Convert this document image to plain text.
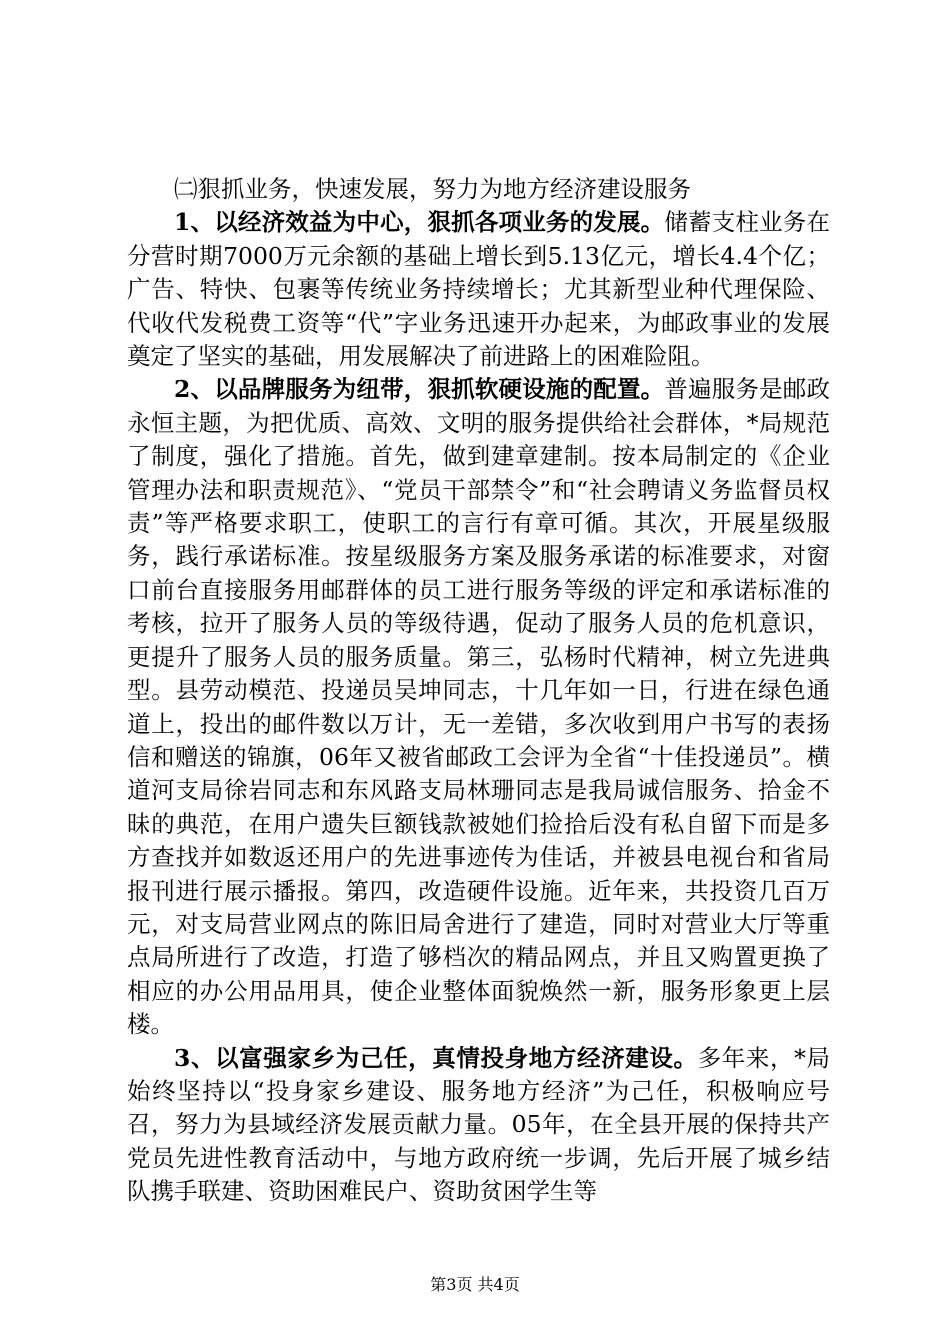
㈡狠抓业务，快速发展，努力为地方经济建设服务

1、以经济效益为中心，狠抓各项业务的发展。储蓄支柱业务在分营时期7000万元余额的基础上增长到5.13亿元，增长4.4个亿；广告、特快、包裹等传统业务持续增长；尤其新型业种代理保险、代收代发税费工资等“代”字业务迅速开办起来，为邮政事业的发展奠定了坚实的基础，用发展解决了前进路上的困难险阻。

2、以品牌服务为纽带，狠抓软硬设施的配置。普遍服务是邮政永恒主题，为把优质、高效、文明的服务提供给社会群体，*局规范了制度，强化了措施。首先，做到建章建制。按本局制定的《企业管理办法和职责规范》、“党员干部禁令”和“社会聘请义务监督员权责”等严格要求职工，使职工的言行有章可循。其次，开展星级服务，践行承诺标准。按星级服务方案及服务承诺的标准要求，对窗口前台直接服务用邮群体的员工进行服务等级的评定和承诺标准的考核，拉开了服务人员的等级待遇，促动了服务人员的危机意识，更提升了服务人员的服务质量。第三，弘杨时代精神，树立先进典型。县劳动模范、投递员吴坤同志，十几年如一日，行进在绿色通道上，投出的邮件数以万计，无一差错，多次收到用户书写的表扬信和赠送的锦旗，06年又被省邮政工会评为全省“十佳投递员”。横道河支局徐岩同志和东风路支局林珊同志是我局诚信服务、拾金不昧的典范，在用户遗失巨额钱款被她们捡拾后没有私自留下而是多方查找并如数返还用户的先进事迹传为佳话，并被县电视台和省局报刊进行展示播报。第四，改造硬件设施。近年来，共投资几百万元，对支局营业网点的陈旧局舍进行了建造，同时对营业大厅等重点局所进行了改造，打造了够档次的精品网点，并且又购置更换了相应的办公用品用具，使企业整体面貌焕然一新，服务形象更上层楼。

3、以富强家乡为己任，真情投身地方经济建设。多年来，*局始终坚持以“投身家乡建设、服务地方经济”为己任，积极响应号召，努力为县域经济发展贡献力量。05年，在全县开展的保持共产党员先进性教育活动中，与地方政府统一步调，先后开展了城乡结队携手联建、资助困难民户、资助贫困学生等

第3页 共4页
